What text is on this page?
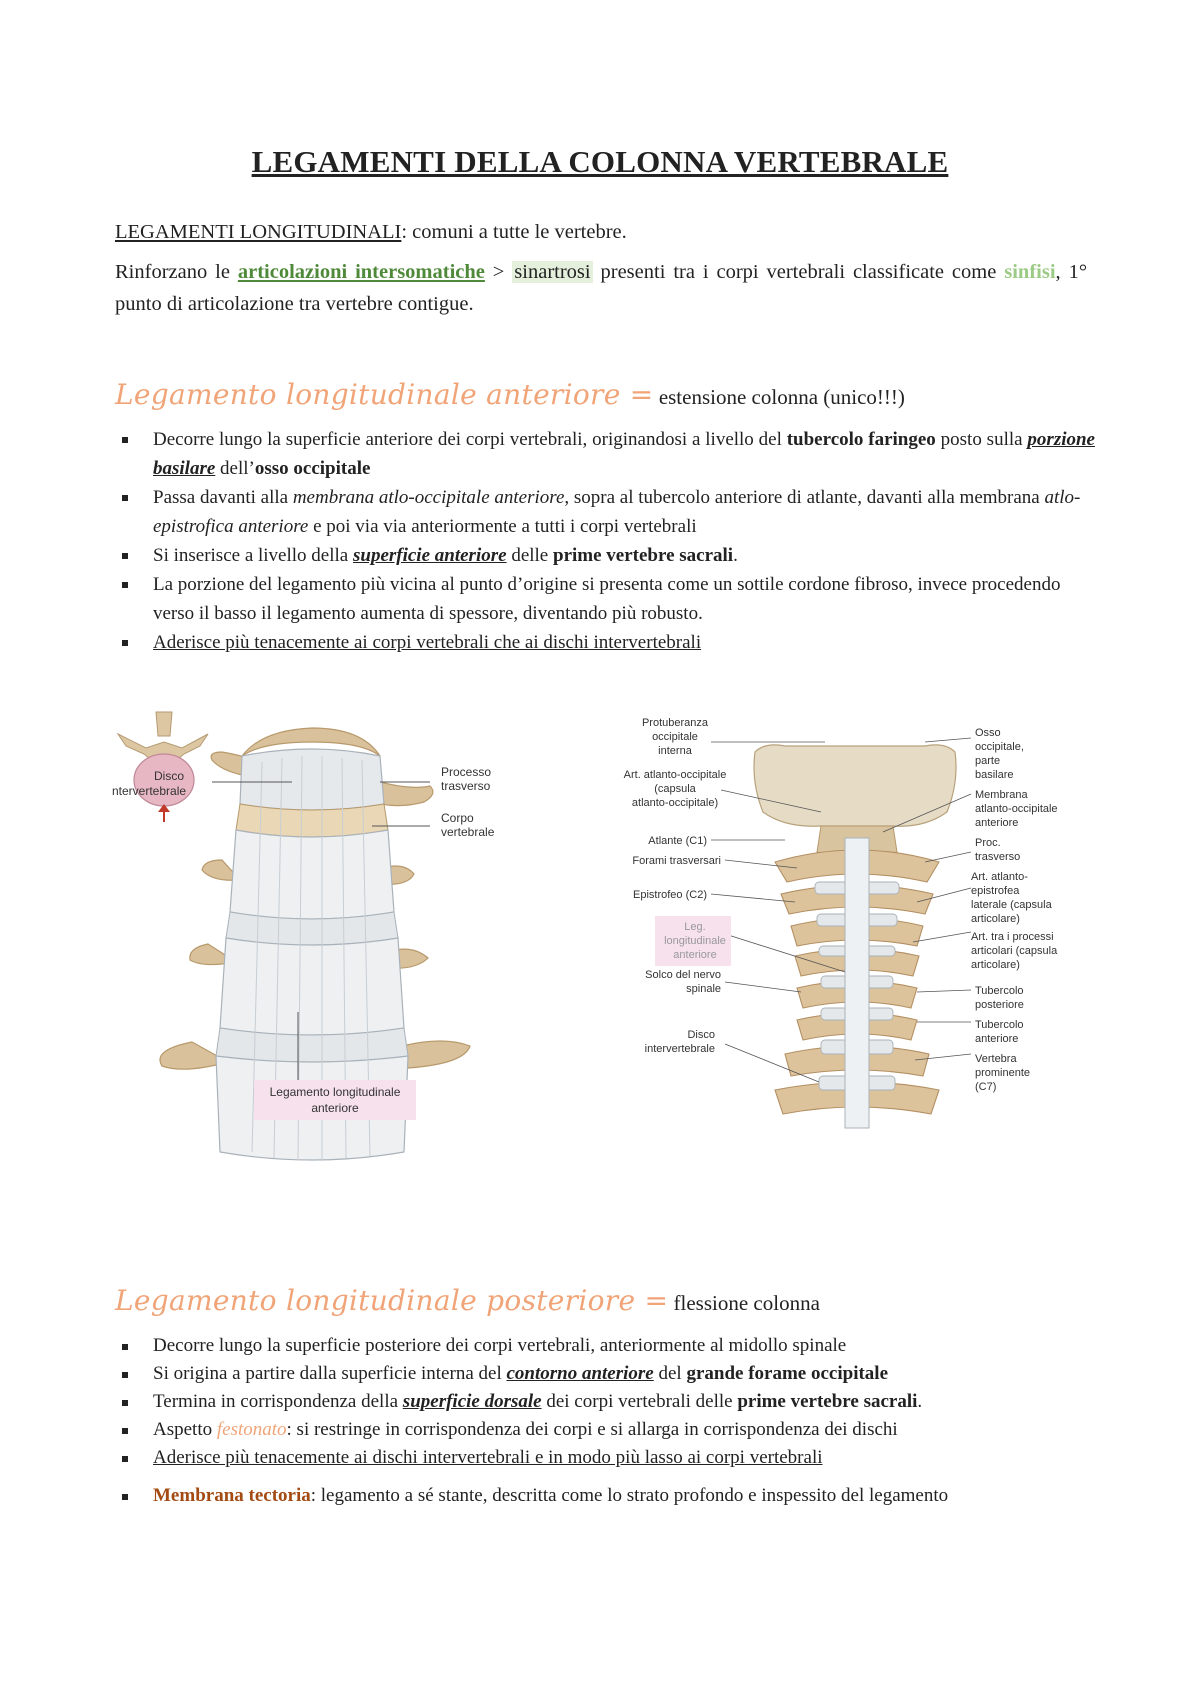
LEGAMENTI DELLA COLONNA VERTEBRALE
LEGAMENTI LONGITUDINALI: comuni a tutte le vertebre.
Rinforzano le articolazioni intersomatiche > sinartrosi presenti tra i corpi vertebrali classificate come sinfisi, 1° punto di articolazione tra vertebre contigue.
Legamento longitudinale anteriore = estensione colonna (unico!!!)
Decorre lungo la superficie anteriore dei corpi vertebrali, originandosi a livello del tubercolo faringeo posto sulla porzione basilare dell’osso occipitale
Passa davanti alla membrana atlo-occipitale anteriore, sopra al tubercolo anteriore di atlante, davanti alla membrana atlo-epistrofica anteriore e poi via via anteriormente a tutti i corpi vertebrali
Si inserisce a livello della superficie anteriore delle prime vertebre sacrali.
La porzione del legamento più vicina al punto d’origine si presenta come un sottile cordone fibroso, invece procedendo verso il basso il legamento aumenta di spessore, diventando più robusto.
Aderisce più tenacemente ai corpi vertebrali che ai dischi intervertebrali
Disco
ntervertebrale
Processo
trasverso
Corpo
vertebrale
Legamento longitudinale
anteriore
Protuberanza
occipitale
interna
Art. atlanto-occipitale
(capsula
atlanto-occipitale)
Atlante (C1)
Forami trasversari
Epistrofeo (C2)
Leg.
longitudinale
anteriore
Solco del nervo
spinale
Disco
intervertebrale
Osso
occipitale,
parte
basilare
Membrana
atlanto-occipitale
anteriore
Proc.
trasverso
Art. atlanto-
epistrofea
laterale (capsula
articolare)
Art. tra i processi
articolari (capsula
articolare)
Tubercolo
posteriore
Tubercolo
anteriore
Vertebra
prominente
(C7)
Legamento longitudinale posteriore = flessione colonna
Decorre lungo la superficie posteriore dei corpi vertebrali, anteriormente al midollo spinale
Si origina a partire dalla superficie interna del contorno anteriore del grande forame occipitale
Termina in corrispondenza della superficie dorsale dei corpi vertebrali delle prime vertebre sacrali.
Aspetto festonato: si restringe in corrispondenza dei corpi e si allarga in corrispondenza dei dischi
Aderisce più tenacemente ai dischi intervertebrali e in modo più lasso ai corpi vertebrali
Membrana tectoria: legamento a sé stante, descritta come lo strato profondo e inspessito del legamento
